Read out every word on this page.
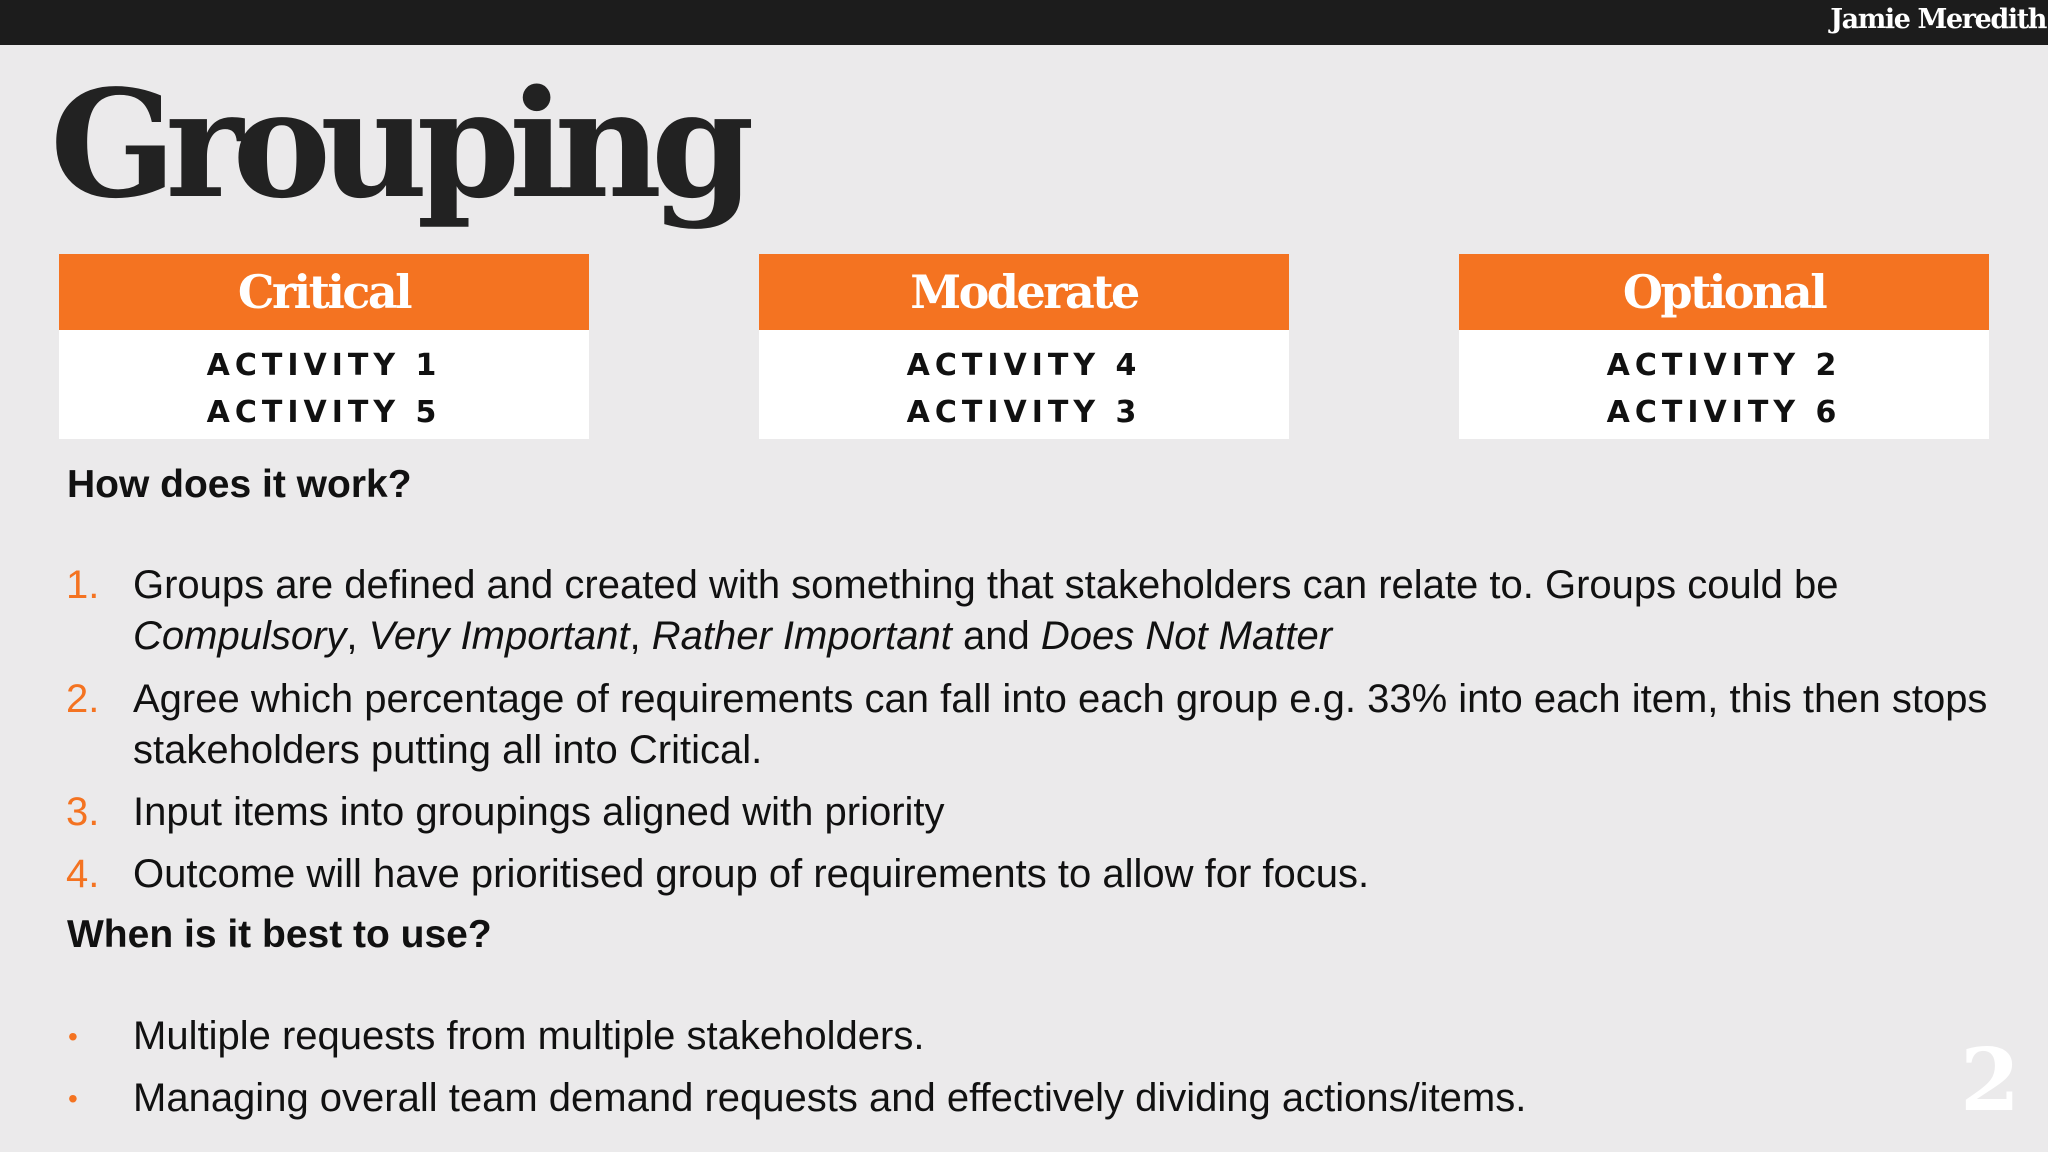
Jamie Meredith
Grouping
Critical
ACTIVITY 1
ACTIVITY 5
Moderate
ACTIVITY 4
ACTIVITY 3
Optional
ACTIVITY 2
ACTIVITY 6
How does it work?
1. Groups are defined and created with something that stakeholders can relate to. Groups could be
Compulsory, Very Important, Rather Important and Does Not Matter
2. Agree which percentage of requirements can fall into each group e.g. 33% into each item, this then stops stakeholders putting all into Critical.
3. Input items into groupings aligned with priority
4. Outcome will have prioritised group of requirements to allow for focus.
When is it best to use?
• Multiple requests from multiple stakeholders.
• Managing overall team demand requests and effectively dividing actions/items.	2
